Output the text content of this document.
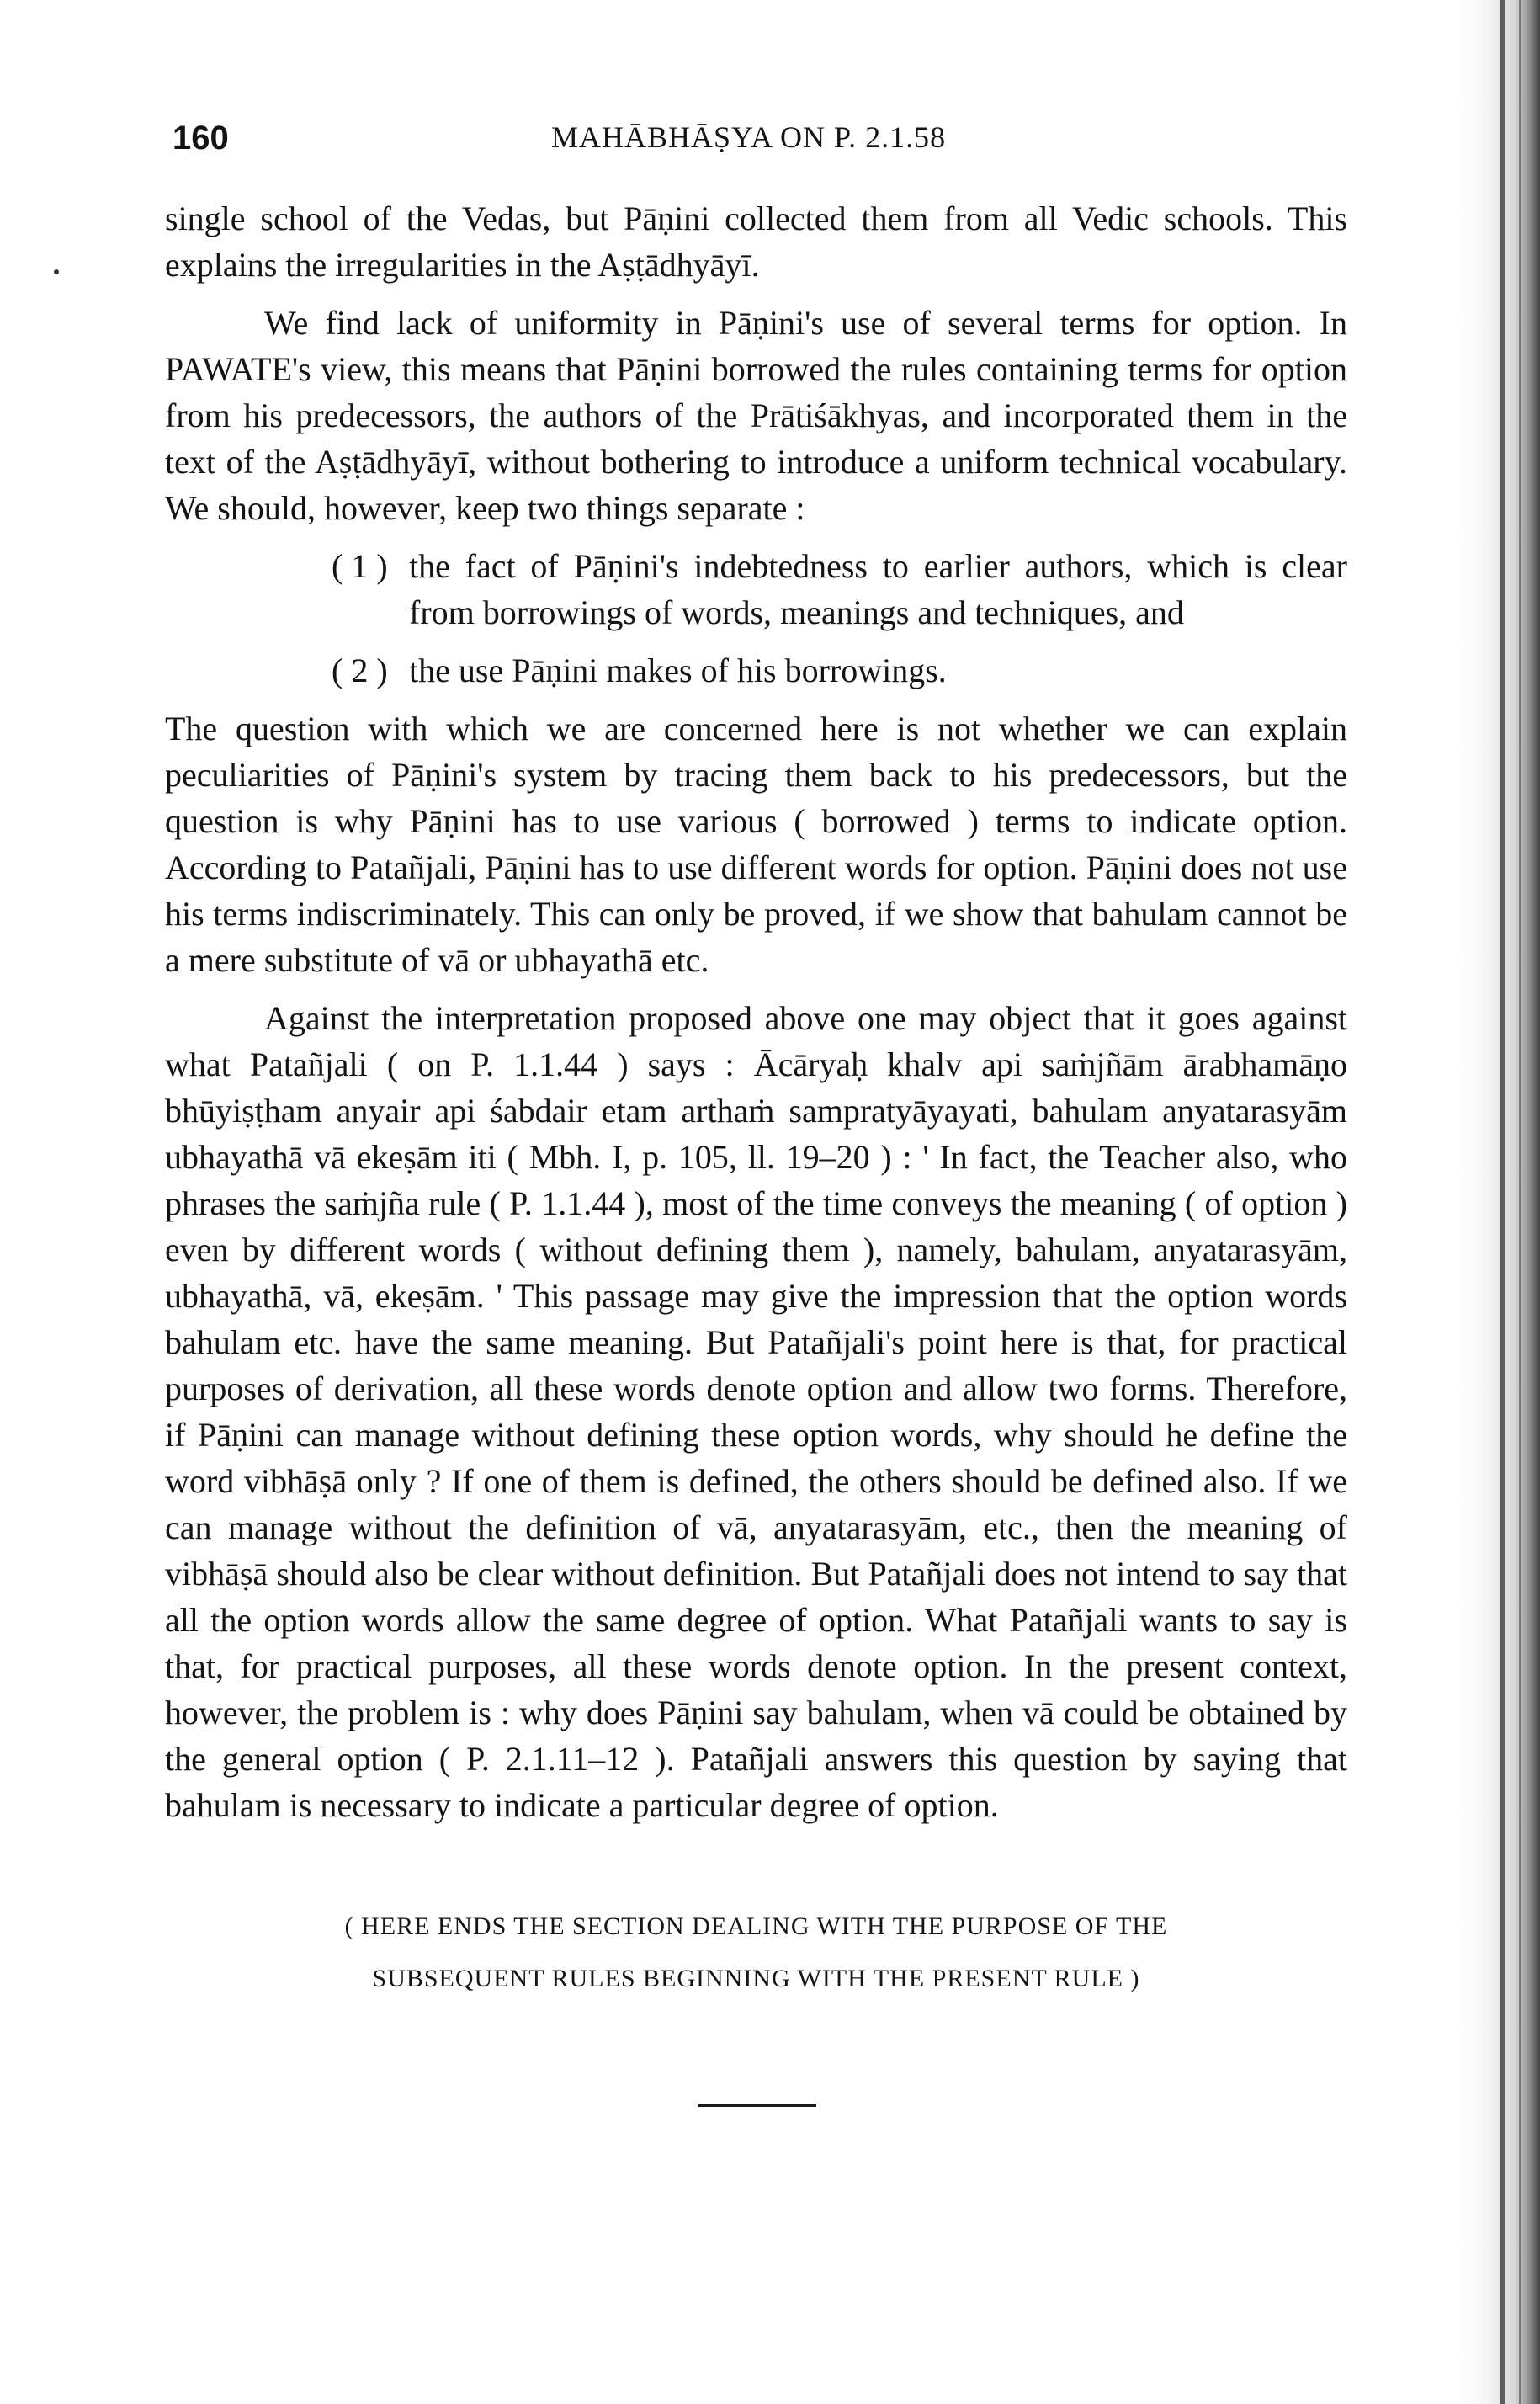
160	MAHĀBHĀṢYA ON P. 2.1.58

single school of the Vedas, but Pāṇini collected them from all Vedic schools. This explains the irregularities in the Aṣṭādhyāyī.

We find lack of uniformity in Pāṇini's use of several terms for option. In PAWATE's view, this means that Pāṇini borrowed the rules containing terms for option from his predecessors, the authors of the Prātiśākhyas, and incorporated them in the text of the Aṣṭādhyāyī, without bothering to introduce a uniform technical vocabulary. We should, however, keep two things separate :

( 1 ) the fact of Pāṇini's indebtedness to earlier authors, which is clear from borrowings of words, meanings and techniques, and
( 2 ) the use Pāṇini makes of his borrowings.

The question with which we are concerned here is not whether we can explain peculiarities of Pāṇini's system by tracing them back to his predecessors, but the question is why Pāṇini has to use various ( borrowed ) terms to indicate option. According to Patañjali, Pāṇini has to use different words for option. Pāṇini does not use his terms indiscriminately. This can only be proved, if we show that bahulam cannot be a mere substitute of vā or ubhayathā etc.

Against the interpretation proposed above one may object that it goes against what Patañjali ( on P. 1.1.44 ) says : Ācāryaḥ khalv api saṁjñām ārabhamāṇo bhūyiṣṭham anyair api śabdair etam arthaṁ sampratyāyayati, bahulam anyatarasyām ubhayathā vā ekeṣām iti ( Mbh. I, p. 105, ll. 19–20 ) : ' In fact, the Teacher also, who phrases the saṁjña rule ( P. 1.1.44 ), most of the time conveys the meaning ( of option ) even by different words ( without defining them ), namely, bahulam, anyatarasyām, ubhayathā, vā, ekeṣām. ' This passage may give the impression that the option words bahulam etc. have the same meaning. But Patañjali's point here is that, for practical purposes of derivation, all these words denote option and allow two forms. Therefore, if Pāṇini can manage without defining these option words, why should he define the word vibhāṣā only ? If one of them is defined, the others should be defined also. If we can manage without the definition of vā, anyatarasyām, etc., then the meaning of vibhāṣā should also be clear without definition. But Patañjali does not intend to say that all the option words allow the same degree of option. What Patañjali wants to say is that, for practical purposes, all these words denote option. In the present context, however, the problem is : why does Pāṇini say bahulam, when vā could be obtained by the general option ( P. 2.1.11–12 ). Patañjali answers this question by saying that bahulam is necessary to indicate a particular degree of option.

( HERE ENDS THE SECTION DEALING WITH THE PURPOSE OF THE

SUBSEQUENT RULES BEGINNING WITH THE PRESENT RULE )
